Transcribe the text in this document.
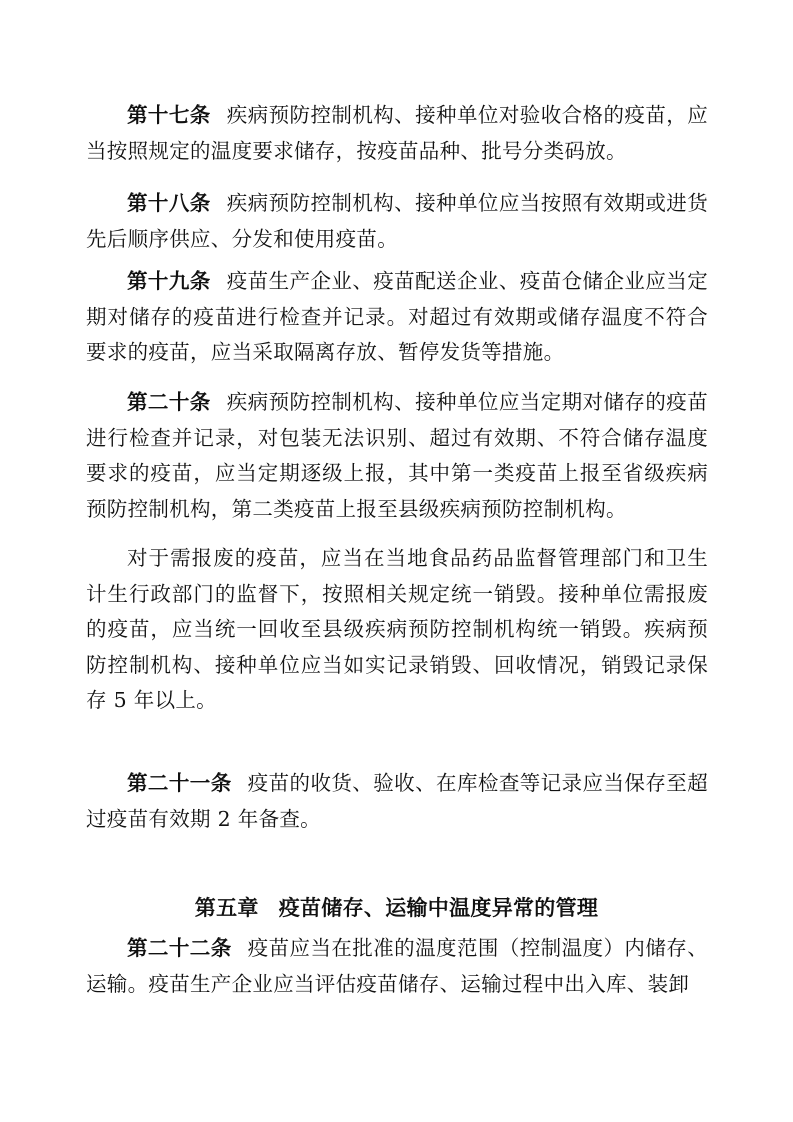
第十七条 疾病预防控制机构、接种单位对验收合格的疫苗，应当按照规定的温度要求储存，按疫苗品种、批号分类码放。

第十八条 疾病预防控制机构、接种单位应当按照有效期或进货先后顺序供应、分发和使用疫苗。

第十九条 疫苗生产企业、疫苗配送企业、疫苗仓储企业应当定期对储存的疫苗进行检查并记录。对超过有效期或储存温度不符合要求的疫苗，应当采取隔离存放、暂停发货等措施。

第二十条 疾病预防控制机构、接种单位应当定期对储存的疫苗进行检查并记录，对包装无法识别、超过有效期、不符合储存温度要求的疫苗，应当定期逐级上报，其中第一类疫苗上报至省级疾病预防控制机构，第二类疫苗上报至县级疾病预防控制机构。

对于需报废的疫苗，应当在当地食品药品监督管理部门和卫生计生行政部门的监督下，按照相关规定统一销毁。接种单位需报废的疫苗，应当统一回收至县级疾病预防控制机构统一销毁。疾病预防控制机构、接种单位应当如实记录销毁、回收情况，销毁记录保存 5 年以上。

第二十一条 疫苗的收货、验收、在库检查等记录应当保存至超过疫苗有效期 2 年备查。

第五章 疫苗储存、运输中温度异常的管理

第二十二条 疫苗应当在批准的温度范围（控制温度）内储存、运输。疫苗生产企业应当评估疫苗储存、运输过程中出入库、装卸
